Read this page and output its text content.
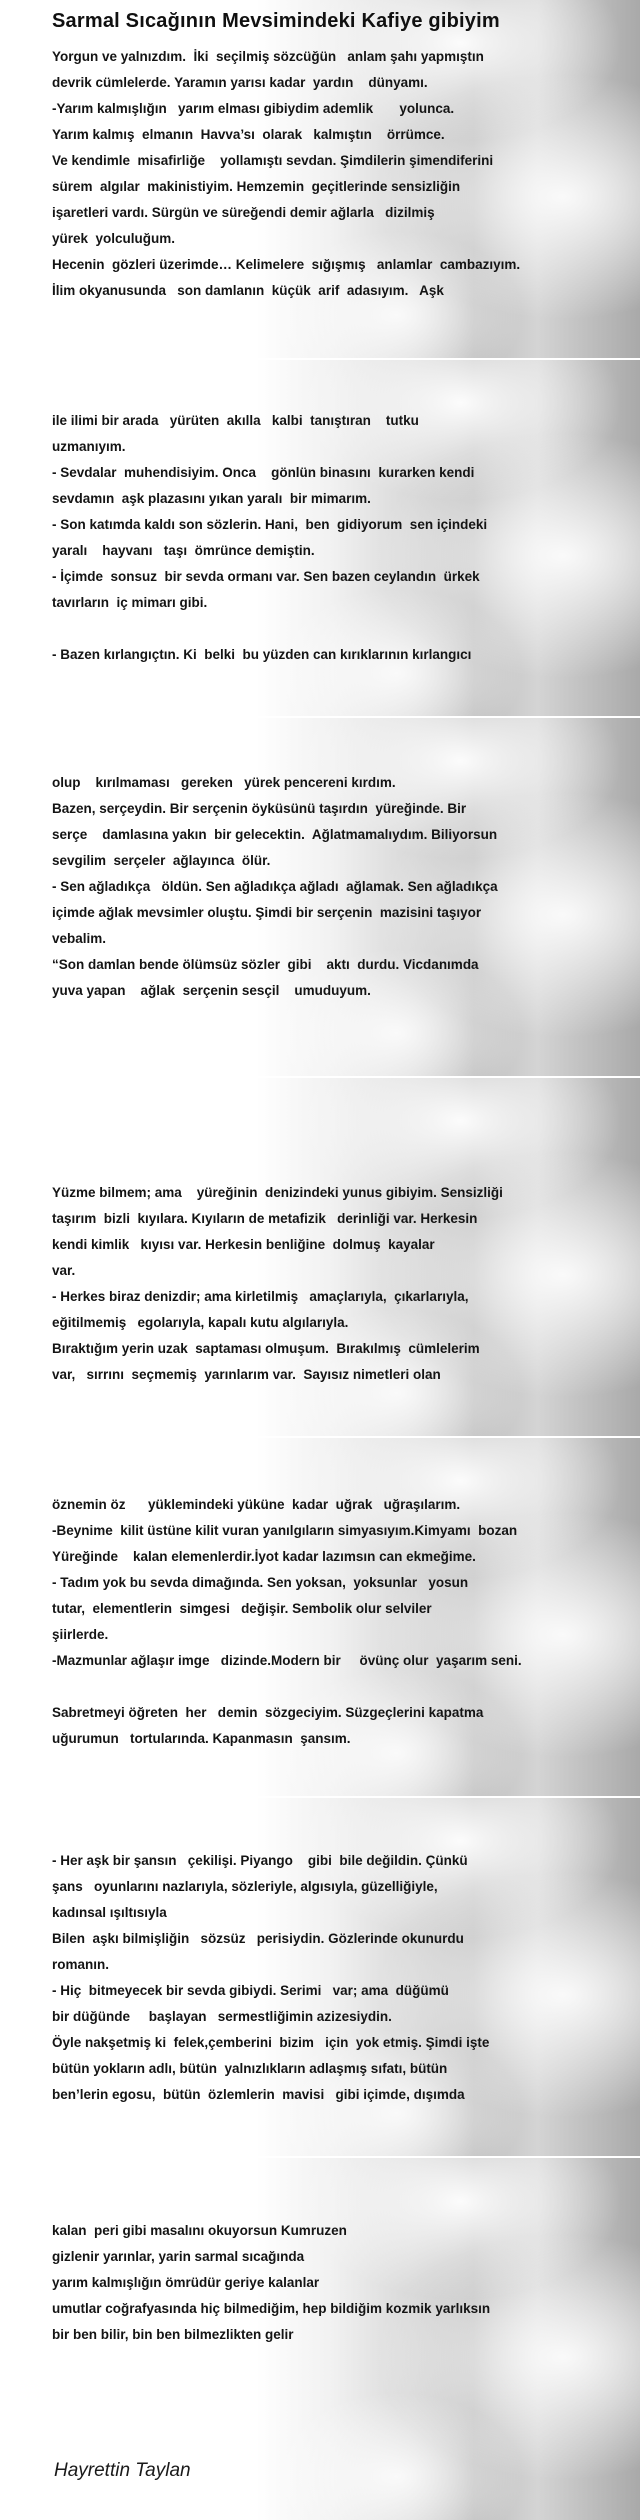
Sarmal Sıcağının Mevsimindeki Kafiye gibiyim
Yorgun ve yalnızdım.  İki  seçilmiş sözcüğün   anlam şahı yapmıştın
devrik cümlelerde. Yaramın yarısı kadar  yardın    dünyamı.
-Yarım kalmışlığın   yarım elması gibiydim ademlik       yolunca.
Yarım kalmış  elmanın  Havva’sı  olarak   kalmıştın    örrümce.
Ve kendimle  misafirliğe    yollamıştı sevdan. Şimdilerin şimendiferini
sürem  algılar  makinistiyim. Hemzemin  geçitlerinde sensizliğin
işaretleri vardı. Sürgün ve süreğendi demir ağlarla   dizilmiş
yürek  yolculuğum.
Hecenin  gözleri üzerimde… Kelimelere  sığışmış   anlamlar  cambazıyım.
İlim okyanusunda   son damlanın  küçük  arif  adasıyım.   Aşk
ile ilimi bir arada   yürüten  akılla   kalbi  tanıştıran    tutku
uzmanıyım.
- Sevdalar  muhendisiyim. Onca    gönlün binasını  kurarken kendi
sevdamın  aşk plazasını yıkan yaralı  bir mimarım.
- Son katımda kaldı son sözlerin. Hani,  ben  gidiyorum  sen içindeki
yaralı    hayvanı   taşı  ömrünce demiştin.
- İçimde  sonsuz  bir sevda ormanı var. Sen bazen ceylandın  ürkek
tavırların  iç mimarı gibi.
- Bazen kırlangıçtın. Ki  belki  bu yüzden can kırıklarının kırlangıcı
olup    kırılmaması   gereken   yürek pencereni kırdım.
Bazen, serçeydin. Bir serçenin öyküsünü taşırdın  yüreğinde. Bir
serçe    damlasına yakın  bir gelecektin.  Ağlatmamalıydım. Biliyorsun
sevgilim  serçeler  ağlayınca  ölür.
- Sen ağladıkça   öldün. Sen ağladıkça ağladı  ağlamak. Sen ağladıkça
içimde ağlak mevsimler oluştu. Şimdi bir serçenin  mazisini taşıyor
vebalim.
“Son damlan bende ölümsüz sözler  gibi    aktı  durdu. Vicdanımda
yuva yapan    ağlak  serçenin sesçil    umuduyum.
Yüzme bilmem; ama    yüreğinin  denizindeki yunus gibiyim. Sensizliği
taşırım  bizli  kıyılara. Kıyıların de metafizik   derinliği var. Herkesin
kendi kimlik   kıyısı var. Herkesin benliğine  dolmuş  kayalar
var.
- Herkes biraz denizdir; ama kirletilmiş   amaçlarıyla,  çıkarlarıyla,
eğitilmemiş   egolarıyla, kapalı kutu algılarıyla.
Bıraktığım yerin uzak  saptaması olmuşum.  Bırakılmış  cümlelerim
var,   sırrını  seçmemiş  yarınlarım var.  Sayısız nimetleri olan
öznemin öz      yüklemindeki yüküne  kadar  uğrak   uğraşılarım.
-Beynime  kilit üstüne kilit vuran yanılgıların simyasıyım.Kimyamı  bozan
Yüreğinde    kalan elemenlerdir.İyot kadar lazımsın can ekmeğime.
- Tadım yok bu sevda dimağında. Sen yoksan,  yoksunlar   yosun
tutar,  elementlerin  simgesi   değişir. Sembolik olur selviler
şiirlerde.
-Mazmunlar ağlaşır imge   dizinde.Modern bir     övünç olur  yaşarım seni.
Sabretmeyi öğreten  her   demin  sözgeciyim. Süzgeçlerini kapatma
uğurumun   tortularında. Kapanmasın  şansım.
- Her aşk bir şansın   çekilişi. Piyango    gibi  bile değildin. Çünkü
şans   oyunlarını nazlarıyla, sözleriyle, algısıyla, güzelliğiyle,
kadınsal ışıltısıyla
Bilen  aşkı bilmişliğin   sözsüz   perisiydin. Gözlerinde okunurdu
romanın.
- Hiç  bitmeyecek bir sevda gibiydi. Serimi   var; ama  düğümü
bir düğünde     başlayan   sermestliğimin azizesiydin.
Öyle nakşetmiş ki  felek,çemberini  bizim   için  yok etmiş. Şimdi işte
bütün yokların adlı, bütün  yalnızlıkların adlaşmış sıfatı, bütün
ben’lerin egosu,  bütün  özlemlerin  mavisi   gibi içimde, dışımda
kalan  peri gibi masalını okuyorsun Kumruzen
gizlenir yarınlar, yarin sarmal sıcağında
yarım kalmışlığın ömrüdür geriye kalanlar
umutlar coğrafyasında hiç bilmediğim, hep bildiğim kozmik yarlıksın
bir ben bilir, bin ben bilmezlikten gelir

Hayrettin Taylan
